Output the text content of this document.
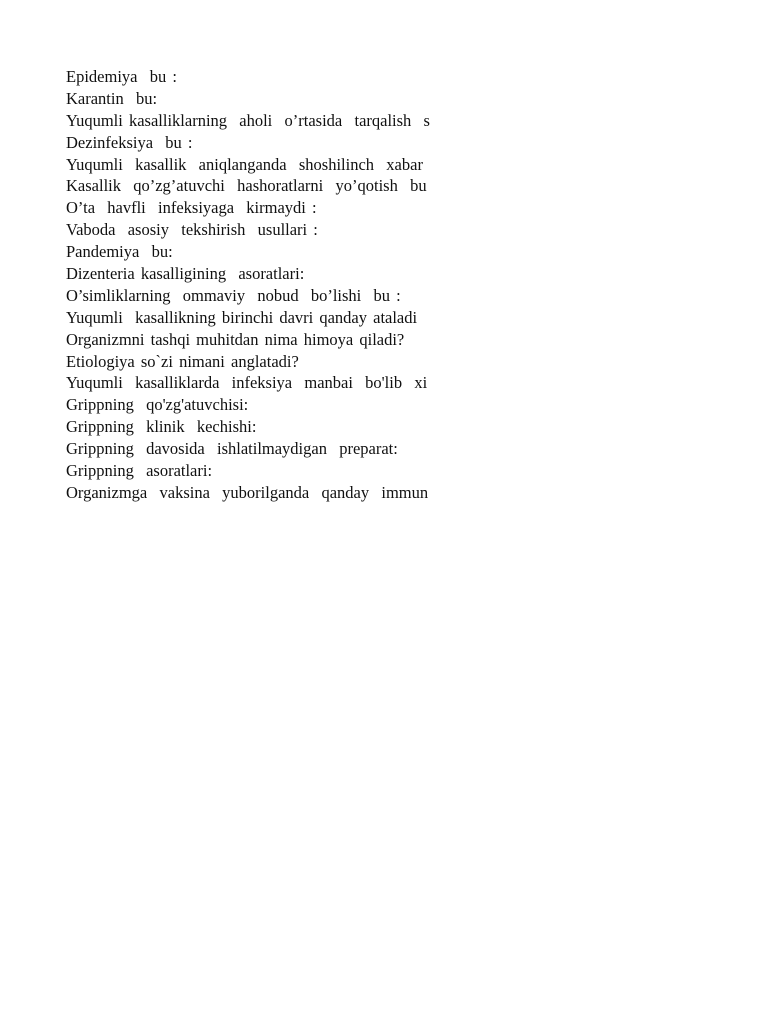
Epidemiya  bu :
Karantin  bu:
Yuqumli kasalliklarning  aholi  o’rtasida  tarqalish  s
Dezinfeksiya  bu :
Yuqumli  kasallik  aniqlanganda  shoshilinch  xabar
Kasallik  qo’zg’atuvchi  hashoratlarni  yo’qotish  bu
O’ta  havfli  infeksiyaga  kirmaydi :
Vaboda  asosiy  tekshirish  usullari :
Pandemiya  bu:
Dizenteria kasalligining  asoratlari:
O’simliklarning  ommaviy  nobud  bo’lishi  bu :
Yuqumli  kasallikning birinchi davri qanday ataladi
Organizmni tashqi muhitdan nima himoya qiladi?
Etiologiya so`zi nimani anglatadi?
Yuqumli  kasalliklarda  infeksiya  manbai  bo'lib  xi
Grippning  qo'zg'atuvchisi:
Grippning  klinik  kechishi:
Grippning  davosida  ishlatilmaydigan  preparat:
Grippning  asoratlari:
Organizmga  vaksina  yuborilganda  qanday  immun
